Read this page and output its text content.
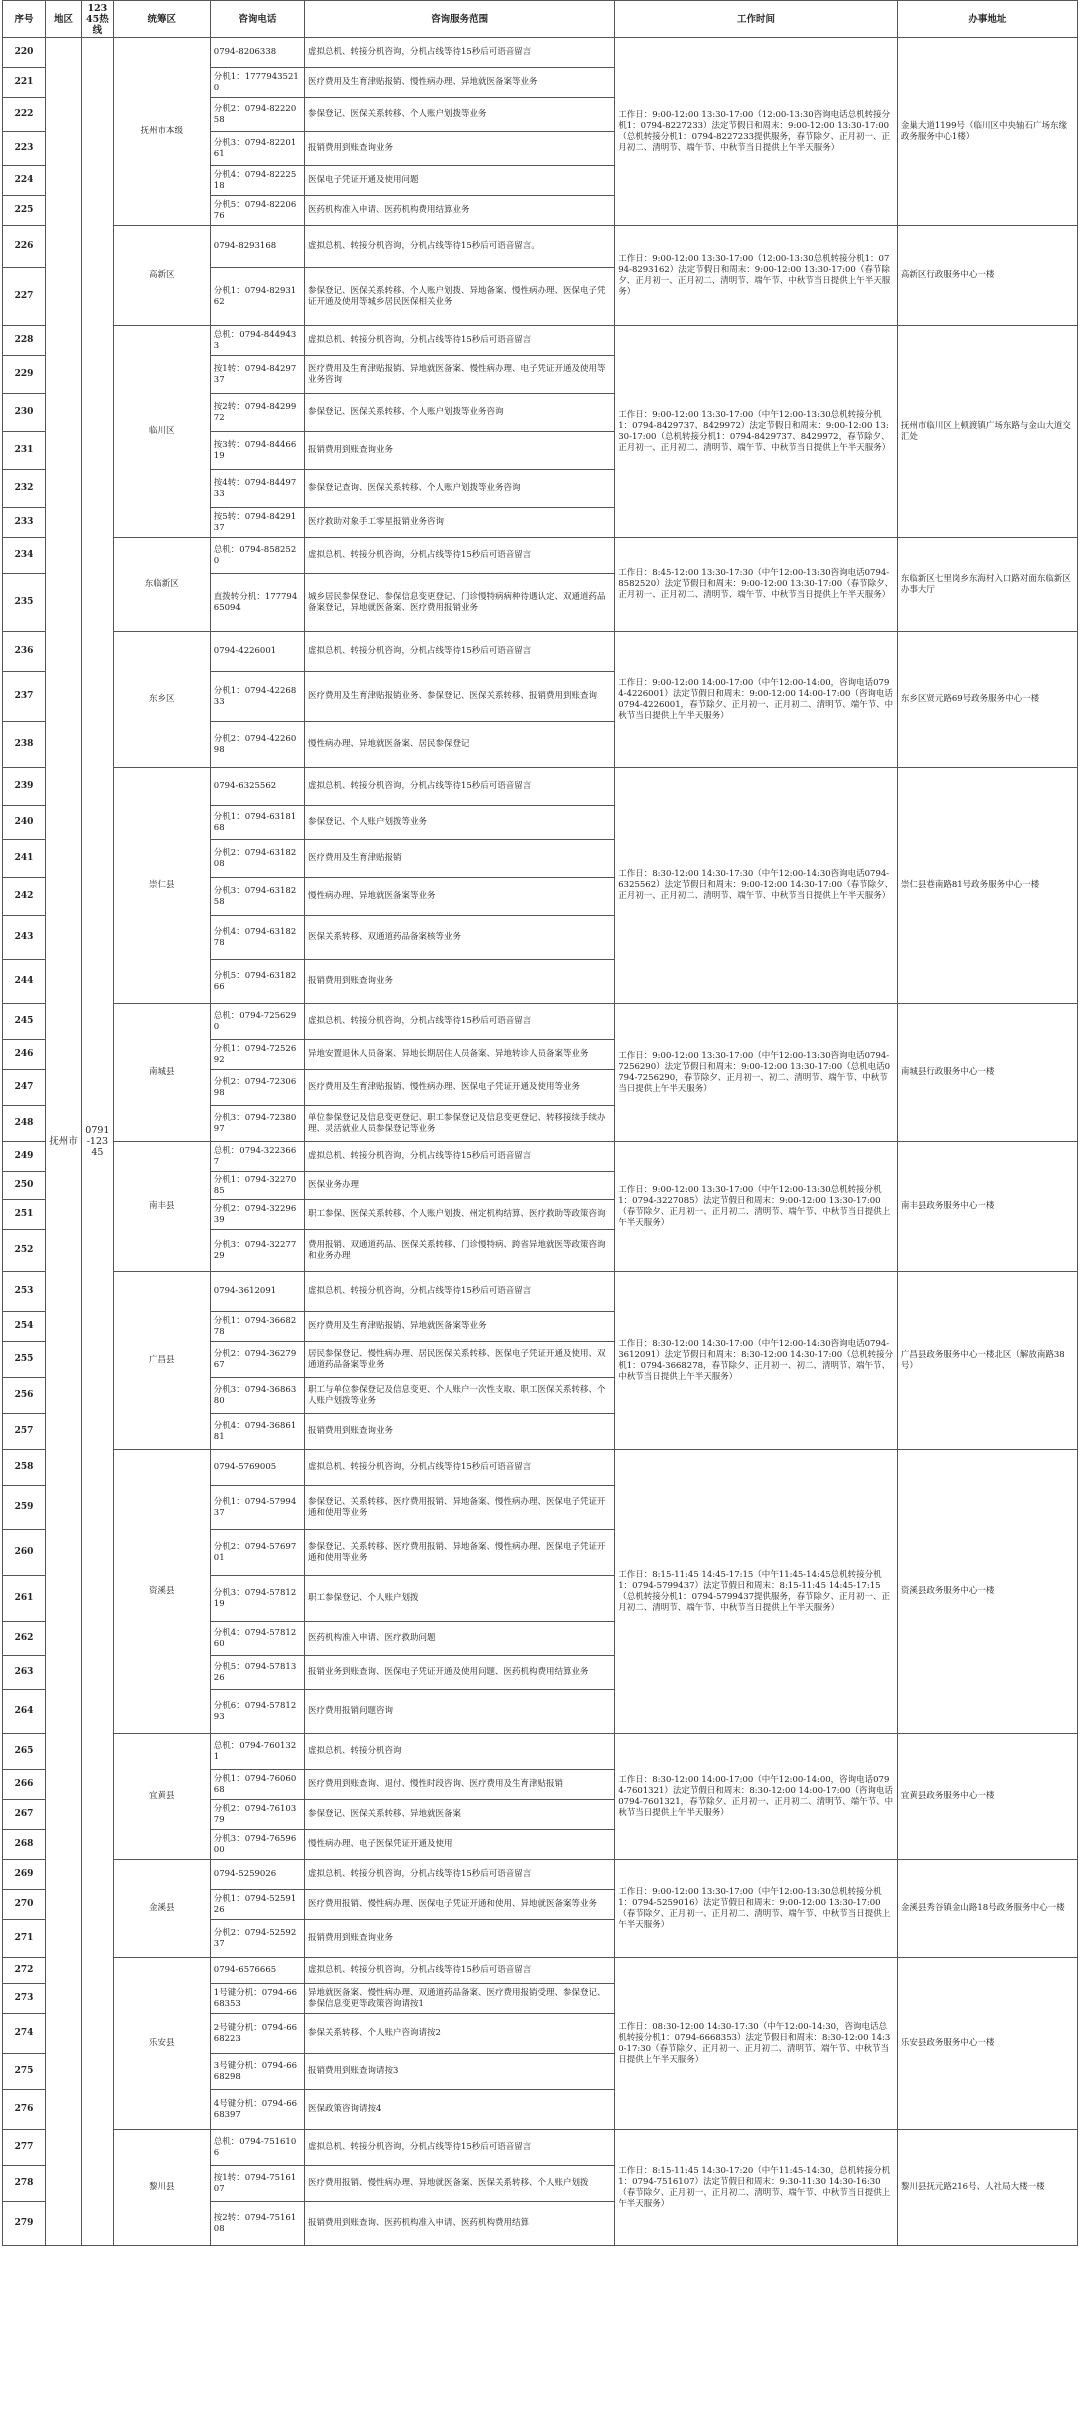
序号	地区	12345热线	统筹区	咨询电话	咨询服务范围	工作时间	办事地址
220	抚州市	0791-12345	抚州市本级	0794-8206338	虚拟总机、转接分机咨询，分机占线等待15秒后可语音留言	工作日：9:00-12:00 13:30-17:00（12:00-13:30咨询电话总机转接分机1：0794-8227233）法定节假日和周末：9:00-12:00 13:30-17:00（总机转接分机1：0794-8227233提供服务，春节除夕、正月初一、正月初二、清明节、端午节、中秋节当日提供上午半天服务）	金巢大道1199号（临川区中央轴石广场东缘政务服务中心1楼）
221				分机1：17779435210	医疗费用及生育津贴报销、慢性病办理、异地就医备案等业务		
222				分机2：0794-8222058	参保登记、医保关系转移、个人账户划拨等业务		
223				分机3：0794-8220161	报销费用到账查询业务		
224				分机4：0794-8222518	医保电子凭证开通及使用问题		
225				分机5：0794-8220676	医药机构准入申请、医药机构费用结算业务		
226			高新区	0794-8293168	虚拟总机、转接分机咨询，分机占线等待15秒后可语音留言。	工作日：9:00-12:00 13:30-17:00（12:00-13:30总机转接分机1：0794-8293162）法定节假日和周末：9:00-12:00 13:30-17:00（春节除夕、正月初一、正月初二、清明节、端午节、中秋节当日提供上午半天服务）	高新区行政服务中心一楼
227				分机1：0794-8293162	参保登记、医保关系转移、个人账户划拨、异地备案、慢性病办理、医保电子凭证开通及使用等城乡居民医保相关业务		
228			临川区	总机：0794-8449433	虚拟总机、转接分机咨询，分机占线等待15秒后可语音留言	工作日：9:00-12:00 13:30-17:00（中午12:00-13:30总机转接分机1：0794-8429737、8429972）法定节假日和周末：9:00-12:00 13:30-17:00（总机转接分机1：0794-8429737、8429972，春节除夕、正月初一、正月初二、清明节、端午节、中秋节当日提供上午半天服务）	抚州市临川区上顿渡镇广场东路与金山大道交汇处
229				按1转：0794-8429737	医疗费用及生育津贴报销、异地就医备案、慢性病办理、电子凭证开通及使用等业务咨询		
230				按2转：0794-8429972	参保登记、医保关系转移、个人账户划拨等业务咨询		
231				按3转：0794-8446619	报销费用到账查询业务		
232				按4转：0794-8449733	参保登记查询、医保关系转移、个人账户划拨等业务咨询		
233				按5转：0794-8429137	医疗救助对象手工零星报销业务咨询		
234			东临新区	总机：0794-8582520	虚拟总机、转接分机咨询，分机占线等待15秒后可语音留言	工作日：8:45-12:00 13:30-17:30（中午12:00-13:30咨询电话0794-8582520）法定节假日和周末：9:00-12:00 13:30-17:00（春节除夕、正月初一、正月初二、清明节、端午节、中秋节当日提供上午半天服务）	东临新区七里岗乡东海村入口路对面东临新区办事大厅
235				直拨转分机：17779465094	城乡居民参保登记、参保信息变更登记、门诊慢特病病种待遇认定、双通道药品备案登记，异地就医备案、医疗费用报销业务		
236			东乡区	0794-4226001	虚拟总机、转接分机咨询，分机占线等待15秒后可语音留言	工作日：9:00-12:00 14:00-17:00（中午12:00-14:00，咨询电话0794-4226001）法定节假日和周末：9:00-12:00 14:00-17:00（咨询电话0794-4226001，春节除夕、正月初一、正月初二、清明节、端午节、中秋节当日提供上午半天服务）	东乡区贤元路69号政务服务中心一楼
237				分机1：0794-4226833	医疗费用及生育津贴报销业务、参保登记、医保关系转移、报销费用到账查询		
238				分机2：0794-4226098	慢性病办理、异地就医备案、居民参保登记		
239			崇仁县	0794-6325562	虚拟总机、转接分机咨询，分机占线等待15秒后可语音留言	工作日：8:30-12:00 14:30-17:30（中午12:00-14:30咨询电话0794-6325562）法定节假日和周末：9:00-12:00 14:30-17:00（春节除夕、正月初一、正月初二、清明节、端午节、中秋节当日提供上午半天服务）	崇仁县巷南路81号政务服务中心一楼
240				分机1：0794-6318168	参保登记、个人账户划拨等业务		
241				分机2：0794-6318208	医疗费用及生育津贴报销		
242				分机3：0794-6318258	慢性病办理、异地就医备案等业务		
243				分机4：0794-6318278	医保关系转移、双通道药品备案核等业务		
244				分机5：0794-6318266	报销费用到账查询业务		
245			南城县	总机：0794-7256290	虚拟总机、转接分机咨询，分机占线等待15秒后可语音留言	工作日：9:00-12:00 13:30-17:00（中午12:00-13:30咨询电话0794-7256290）法定节假日和周末：9:00-12:00 13:30-17:00（总机电话0794-7256290，春节除夕、正月初一、初二、清明节、端午节、中秋节当日提供上午半天服务）	南城县行政服务中心一楼
246				分机1：0794-7252692	异地安置退休人员备案、异地长期居住人员备案、异地转诊人员备案等业务		
247				分机2：0794-7230698	医疗费用及生育津贴报销、慢性病办理、医保电子凭证开通及使用等业务		
248				分机3：0794-7238097	单位参保登记及信息变更登记、职工参保登记及信息变更登记、转移接续手续办理、灵活就业人员参保登记等业务		
249			南丰县	总机：0794-3223667	虚拟总机、转接分机咨询，分机占线等待15秒后可语音留言	工作日：9:00-12:00 13:30-17:00（中午12:00-13:30总机转接分机1：0794-3227085）法定节假日和周末：9:00-12:00 13:30-17:00（春节除夕、正月初一、正月初二、清明节、端午节、中秋节当日提供上午半天服务）	南丰县政务服务中心一楼
250				分机1：0794-3227085	医保业务办理		
251				分机2：0794-3229639	职工参保、医保关系转移、个人账户划拨、州定机构结算、医疗救助等政策咨询		
252				分机3：0794-3227729	费用报销、双通道药品、医保关系转移、门诊慢特病、跨省异地就医等政策咨询和业务办理		
253			广昌县	0794-3612091	虚拟总机、转接分机咨询，分机占线等待15秒后可语音留言	工作日：8:30-12:00 14:30-17:00（中午12:00-14:30咨询电话0794-3612091）法定节假日和周末：8:30-12:00 14:30-17:00（总机转接分机1：0794-3668278，春节除夕、正月初一、初二、清明节、端午节、中秋节当日提供上午半天服务）	广昌县政务服务中心一楼北区（解放南路38号）
254				分机1：0794-3668278	医疗费用及生育津贴报销、异地就医备案等业务		
255				分机2：0794-3627967	居民参保登记、慢性病办理、居民医保关系转移、医保电子凭证开通及使用、双通道药品备案等业务		
256				分机3：0794-3686380	职工与单位参保登记及信息变更、个人账户一次性支取、职工医保关系转移、个人账户划拨等业务		
257				分机4：0794-3686181	报销费用到账查询业务		
258			资溪县	0794-5769005	虚拟总机、转接分机咨询，分机占线等待15秒后可语音留言	工作日：8:15-11:45 14:45-17:15（中午11:45-14:45总机转接分机1：0794-5799437）法定节假日和周末：8:15-11:45 14:45-17:15（总机转接分机1：0794-5799437提供服务，春节除夕、正月初一、正月初二、清明节、端午节、中秋节当日提供上午半天服务）	资溪县政务服务中心一楼
259				分机1：0794-5799437	参保登记、关系转移、医疗费用报销、异地备案、慢性病办理、医保电子凭证开通和使用等业务		
260				分机2：0794-5769701	参保登记、关系转移、医疗费用报销、异地备案、慢性病办理、医保电子凭证开通和使用等业务		
261				分机3：0794-5781219	职工参保登记、个人账户划拨		
262				分机4：0794-5781260	医药机构准入申请、医疗救助问题		
263				分机5：0794-5781326	报销业务到账查询、医保电子凭证开通及使用问题、医药机构费用结算业务		
264				分机6：0794-5781293	医疗费用报销问题咨询		
265			宜黄县	总机：0794-7601321	虚拟总机、转接分机咨询	工作日：8:30-12:00 14:00-17:00（中午12:00-14:00，咨询电话0794-7601321）法定节假日和周末：8:30-12:00 14:00-17:00（咨询电话0794-7601321，春节除夕、正月初一、正月初二、清明节、端午节、中秋节当日提供上午半天服务）	宜黄县政务服务中心一楼
266				分机1：0794-7606068	医疗费用到账查询、退付、慢性时段咨询、医疗费用及生育津贴报销		
267				分机2：0794-7610379	参保登记、医保关系转移、异地就医备案		
268				分机3：0794-7659600	慢性病办理、电子医保凭证开通及使用		
269			金溪县	0794-5259026	虚拟总机、转接分机咨询，分机占线等待15秒后可语音留言	工作日：9:00-12:00 13:30-17:00（中午12:00-13:30总机转接分机1：0794-5259016）法定节假日和周末：9:00-12:00 13:30-17:00（春节除夕、正月初一、正月初二、清明节、端午节、中秋节当日提供上午半天服务）	金溪县秀谷镇金山路18号政务服务中心一楼
270				分机1：0794-5259126	医疗费用报销、慢性病办理、医保电子凭证开通和使用、异地就医备案等业务		
271				分机2：0794-5259237	报销费用到账查询业务		
272			乐安县	0794-6576665	虚拟总机、转接分机咨询，分机占线等待15秒后可语音留言	工作日：08:30-12:00 14:30-17:30（中午12:00-14:30，咨询电话总机转接分机1：0794-6668353）法定节假日和周末：8:30-12:00 14:30-17:30（春节除夕、正月初一、正月初二、清明节、端午节、中秋节当日提供上午半天服务）	乐安县政务服务中心一楼
273				1号键分机：0794-6668353	异地就医备案、慢性病办理、双通道药品备案、医疗费用报销受理、参保登记、参保信息变更等政策咨询请按1		
274				2号键分机：0794-6668223	参保关系转移、个人账户咨询请按2		
275				3号键分机：0794-6668298	报销费用到账查询请按3		
276				4号键分机：0794-6668397	医保政策咨询请按4		
277			黎川县	总机：0794-7516106	虚拟总机、转接分机咨询，分机占线等待15秒后可语音留言	工作日：8:15-11:45 14:30-17:20（中午11:45-14:30，总机转接分机1：0794-7516107）法定节假日和周末：9:30-11:30 14:30-16:30（春节除夕、正月初一、正月初二、清明节、端午节、中秋节当日提供上午半天服务）	黎川县抚元路216号、人社局大楼一楼
278				按1转：0794-7516107	医疗费用报销、慢性病办理、异地就医备案、医保关系转移、个人账户划拨		
279				按2转：0794-7516108	报销费用到账查询、医药机构准入申请、医药机构费用结算		
